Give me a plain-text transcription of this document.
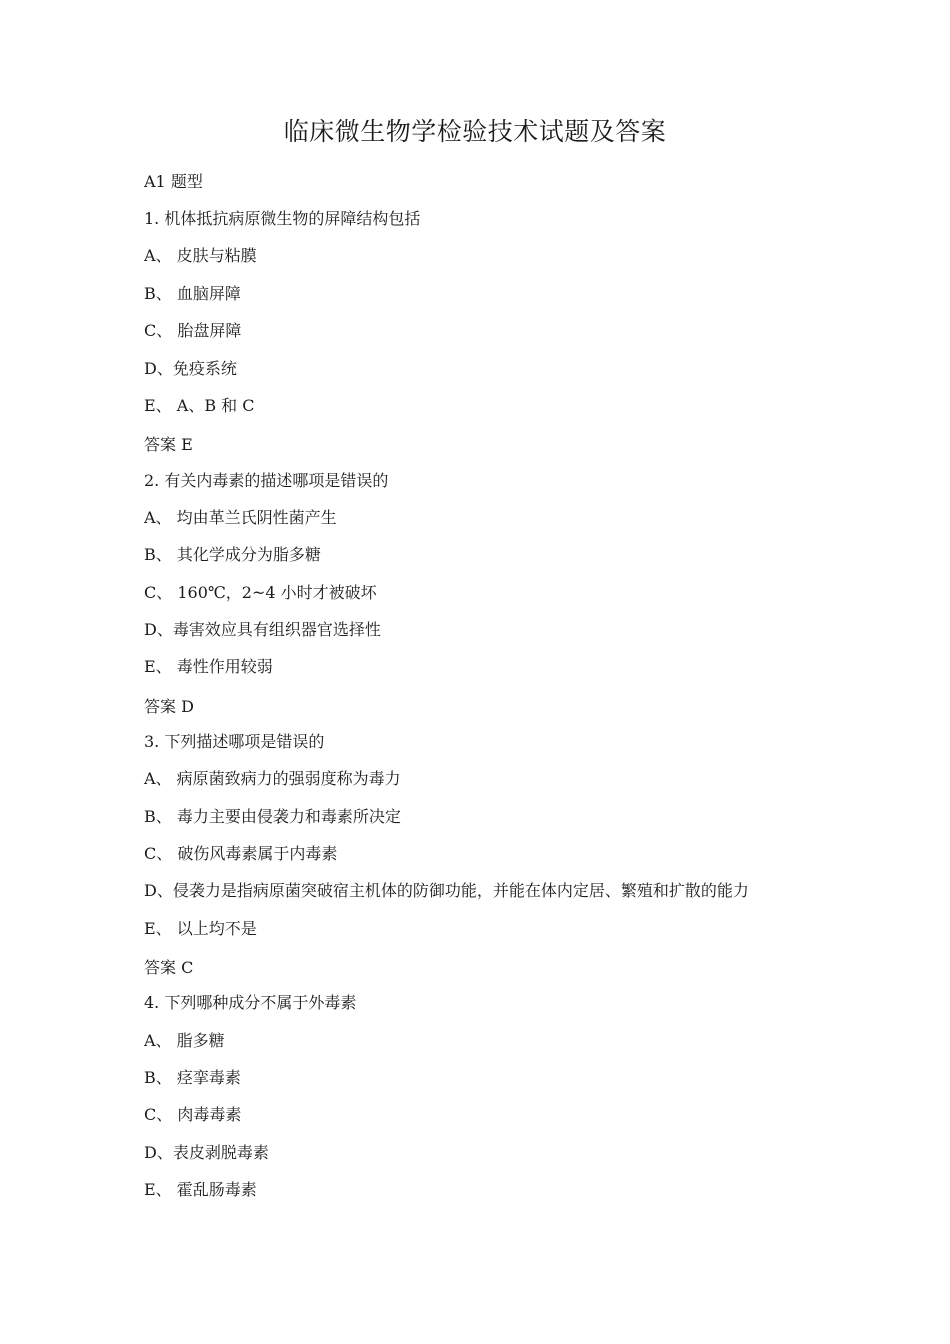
临床微生物学检验技术试题及答案
A1 题型
1. 机体抵抗病原微生物的屏障结构包括
A、 皮肤与粘膜
B、 血脑屏障
C、 胎盘屏障
D、免疫系统
E、 A、B 和 C
答案 E
2. 有关内毒素的描述哪项是错误的
A、 均由革兰氏阴性菌产生
B、 其化学成分为脂多糖
C、 160℃，2~4 小时才被破坏
D、毒害效应具有组织器官选择性
E、 毒性作用较弱
答案 D
3. 下列描述哪项是错误的
A、 病原菌致病力的强弱度称为毒力
B、 毒力主要由侵袭力和毒素所决定
C、 破伤风毒素属于内毒素
D、侵袭力是指病原菌突破宿主机体的防御功能，并能在体内定居、繁殖和扩散的能力
E、 以上均不是
答案 C
4. 下列哪种成分不属于外毒素
A、 脂多糖
B、 痉挛毒素
C、 肉毒毒素
D、表皮剥脱毒素
E、 霍乱肠毒素
